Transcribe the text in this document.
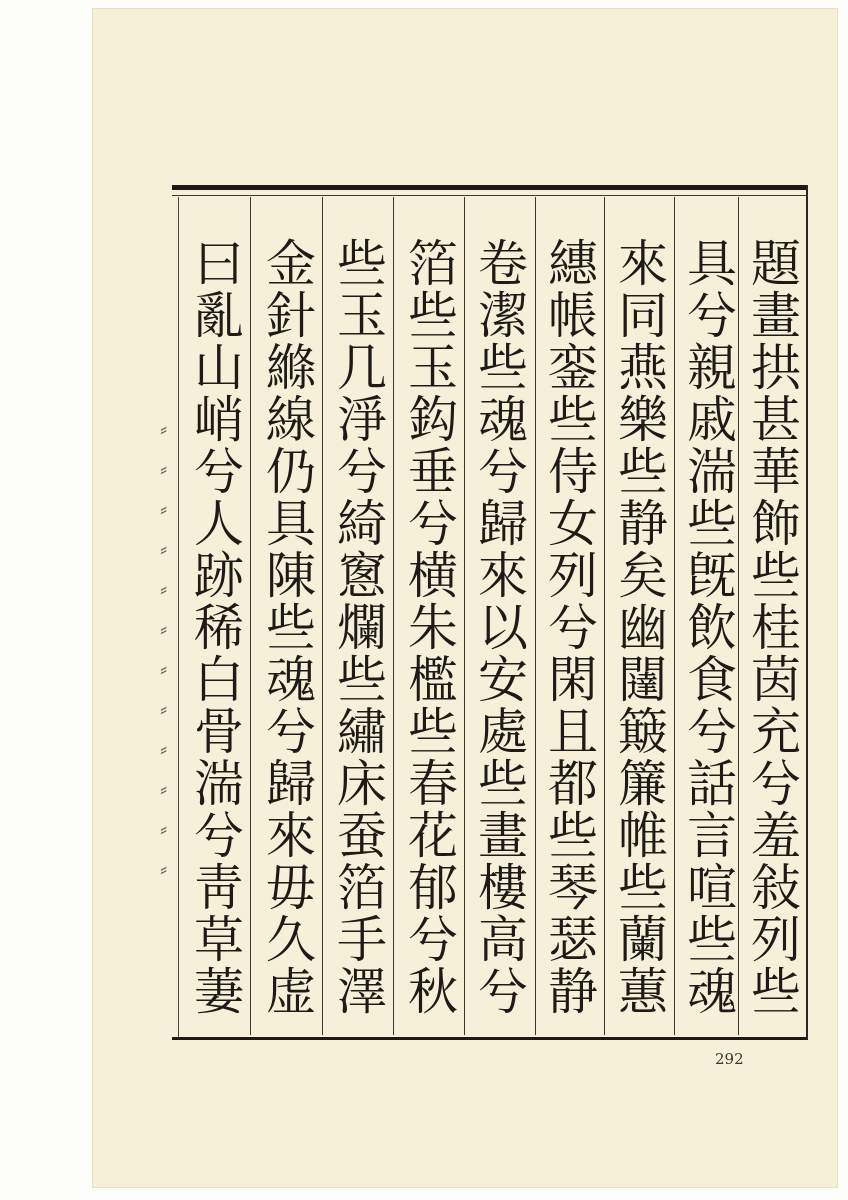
⸗
⸗
⸗
⸗
⸗
⸗
⸗
⸗
⸗
⸗
⸗
⸗
題畫拱甚華飾些桂茵充兮羞敍列些
具兮親戚湍些旣飲食兮話言喧些魂
來同燕樂些静矣幽闥簸簾帷些蘭蕙
繐帳銮些侍女列兮閑且都些琴瑟静
卷潔些魂兮歸來以安處些畫樓高兮
箔些玉鈎垂兮横朱檻些春花郁兮秋
些玉几淨兮綺窻爛些繡床蚕箔手澤
金針縧線仍具陳些魂兮歸來毋久虚
曰亂山峭兮人跡稀白骨湍兮靑草萋
292
